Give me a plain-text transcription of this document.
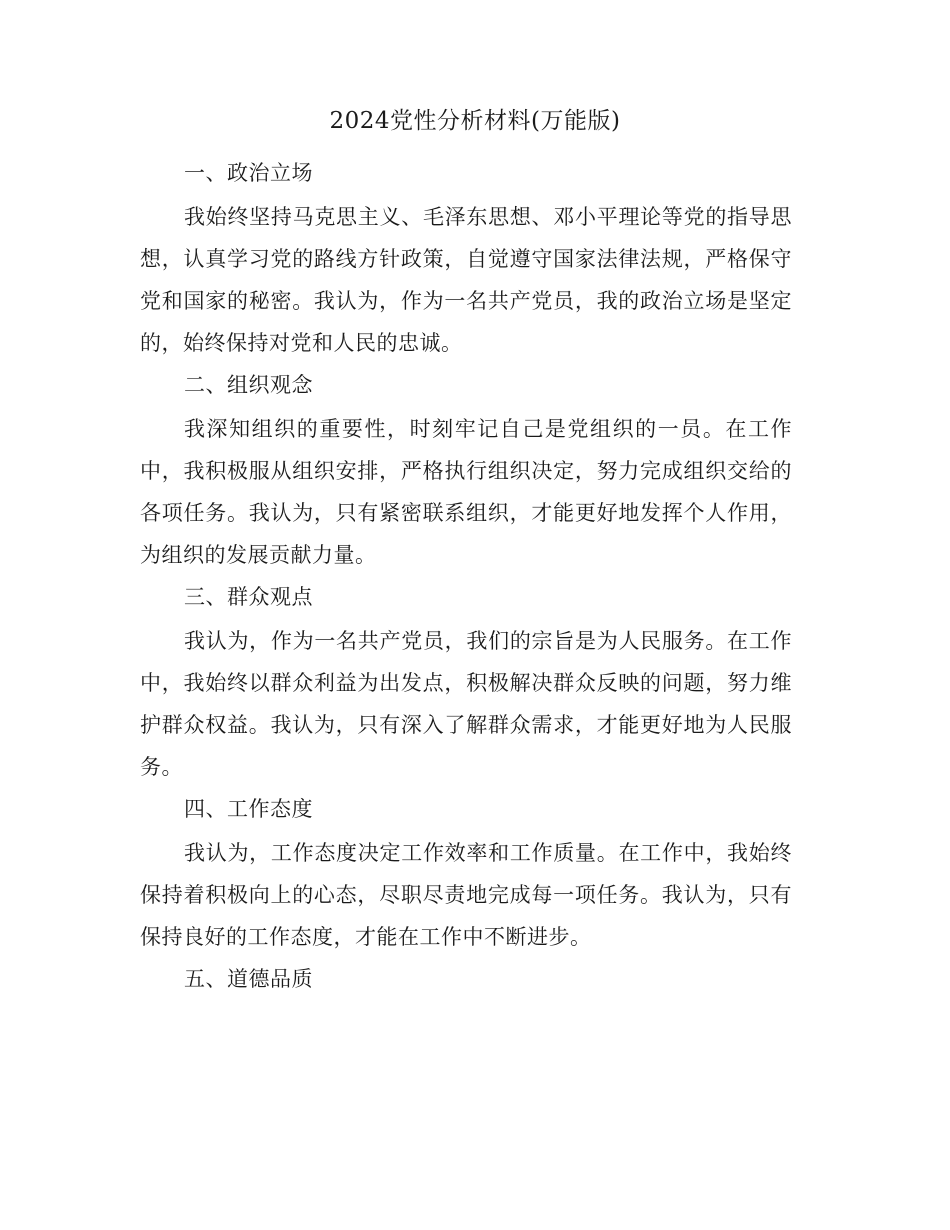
2024党性分析材料(万能版)

一、政治立场

我始终坚持马克思主义、毛泽东思想、邓小平理论等党的指导思想，认真学习党的路线方针政策，自觉遵守国家法律法规，严格保守党和国家的秘密。我认为，作为一名共产党员，我的政治立场是坚定的，始终保持对党和人民的忠诚。

二、组织观念

我深知组织的重要性，时刻牢记自己是党组织的一员。在工作中，我积极服从组织安排，严格执行组织决定，努力完成组织交给的各项任务。我认为，只有紧密联系组织，才能更好地发挥个人作用，为组织的发展贡献力量。

三、群众观点

我认为，作为一名共产党员，我们的宗旨是为人民服务。在工作中，我始终以群众利益为出发点，积极解决群众反映的问题，努力维护群众权益。我认为，只有深入了解群众需求，才能更好地为人民服务。

四、工作态度

我认为，工作态度决定工作效率和工作质量。在工作中，我始终保持着积极向上的心态，尽职尽责地完成每一项任务。我认为，只有保持良好的工作态度，才能在工作中不断进步。

五、道德品质
